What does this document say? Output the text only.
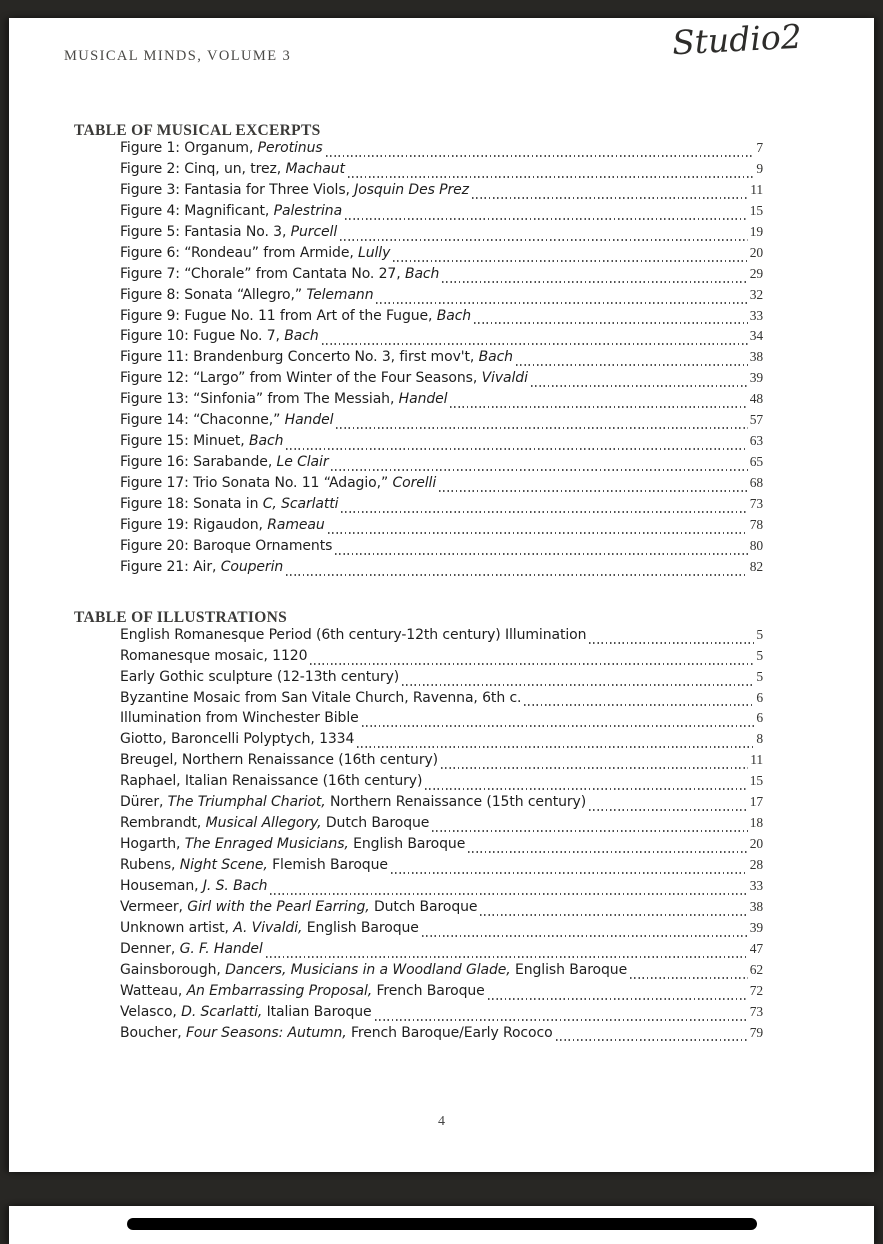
MUSICAL MINDS, VOLUME 3	Studio2
TABLE OF MUSICAL EXCERPTS
Figure 1: Organum, Perotinus	7
Figure 2: Cinq, un, trez, Machaut	9
Figure 3: Fantasia for Three Viols, Josquin Des Prez	11
Figure 4: Magnificant, Palestrina	15
Figure 5: Fantasia No. 3, Purcell	19
Figure 6: “Rondeau” from Armide, Lully	20
Figure 7: “Chorale” from Cantata No. 27, Bach	29
Figure 8: Sonata “Allegro,” Telemann	32
Figure 9: Fugue No. 11 from Art of the Fugue, Bach	33
Figure 10: Fugue No. 7, Bach	34
Figure 11: Brandenburg Concerto No. 3, first mov't, Bach	38
Figure 12: “Largo” from Winter of the Four Seasons, Vivaldi	39
Figure 13: “Sinfonia” from The Messiah, Handel	48
Figure 14: “Chaconne,” Handel	57
Figure 15: Minuet, Bach	63
Figure 16: Sarabande, Le Clair	65
Figure 17: Trio Sonata No. 11 “Adagio,” Corelli	68
Figure 18: Sonata in C, Scarlatti	73
Figure 19: Rigaudon, Rameau	78
Figure 20: Baroque Ornaments	80
Figure 21: Air, Couperin	82
TABLE OF ILLUSTRATIONS
English Romanesque Period (6th century-12th century) Illumination	5
Romanesque mosaic, 1120	5
Early Gothic sculpture (12-13th century)	5
Byzantine Mosaic from San Vitale Church, Ravenna, 6th c.	6
Illumination from Winchester Bible	6
Giotto, Baroncelli Polyptych, 1334	8
Breugel, Northern Renaissance (16th century)	11
Raphael, Italian Renaissance (16th century)	15
Dürer, The Triumphal Chariot, Northern Renaissance (15th century)	17
Rembrandt, Musical Allegory, Dutch Baroque	18
Hogarth, The Enraged Musicians, English Baroque	20
Rubens, Night Scene, Flemish Baroque	28
Houseman, J. S. Bach	33
Vermeer, Girl with the Pearl Earring, Dutch Baroque	38
Unknown artist, A. Vivaldi, English Baroque	39
Denner, G. F. Handel	47
Gainsborough, Dancers, Musicians in a Woodland Glade, English Baroque	62
Watteau, An Embarrassing Proposal, French Baroque	72
Velasco, D. Scarlatti, Italian Baroque	73
Boucher, Four Seasons: Autumn, French Baroque/Early Rococo	79
4
